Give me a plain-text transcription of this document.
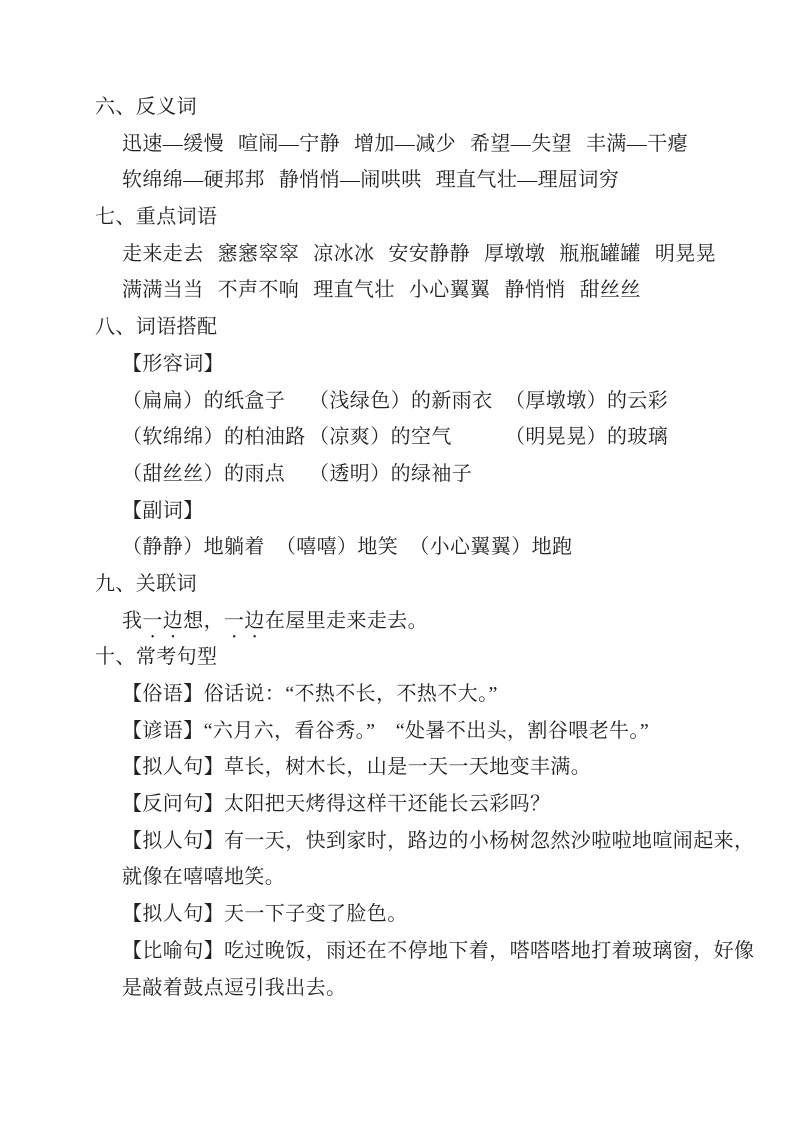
六、反义词
迅速—缓慢 喧闹—宁静 增加—减少 希望—失望 丰满—干瘪
软绵绵—硬邦邦 静悄悄—闹哄哄 理直气壮—理屈词穷
七、重点词语
走来走去 窸窸窣窣 凉冰冰 安安静静 厚墩墩 瓶瓶罐罐 明晃晃
满满当当 不声不响 理直气壮 小心翼翼 静悄悄 甜丝丝
八、词语搭配
【形容词】
（扁扁）的纸盒子	（浅绿色）的新雨衣 （厚墩墩）的云彩
（软绵绵）的柏油路 （凉爽）的空气	（明晃晃）的玻璃
（甜丝丝）的雨点	（透明）的绿袖子
【副词】
（静静）地躺着 （嘻嘻）地笑 （小心翼翼）地跑
九、关联词
我一边想，一边在屋里走来走去。
十、常考句型
【俗语】俗话说：“不热不长，不热不大。”
【谚语】“六月六，看谷秀。”　“处暑不出头，割谷喂老牛。”
【拟人句】草长，树木长，山是一天一天地变丰满。
【反问句】太阳把天烤得这样干还能长云彩吗？
【拟人句】有一天，快到家时，路边的小杨树忽然沙啦啦地喧闹起来，
就像在嘻嘻地笑。
【拟人句】天一下子变了脸色。
【比喻句】吃过晚饭，雨还在不停地下着，嗒嗒嗒地打着玻璃窗，好像
是敲着鼓点逗引我出去。
